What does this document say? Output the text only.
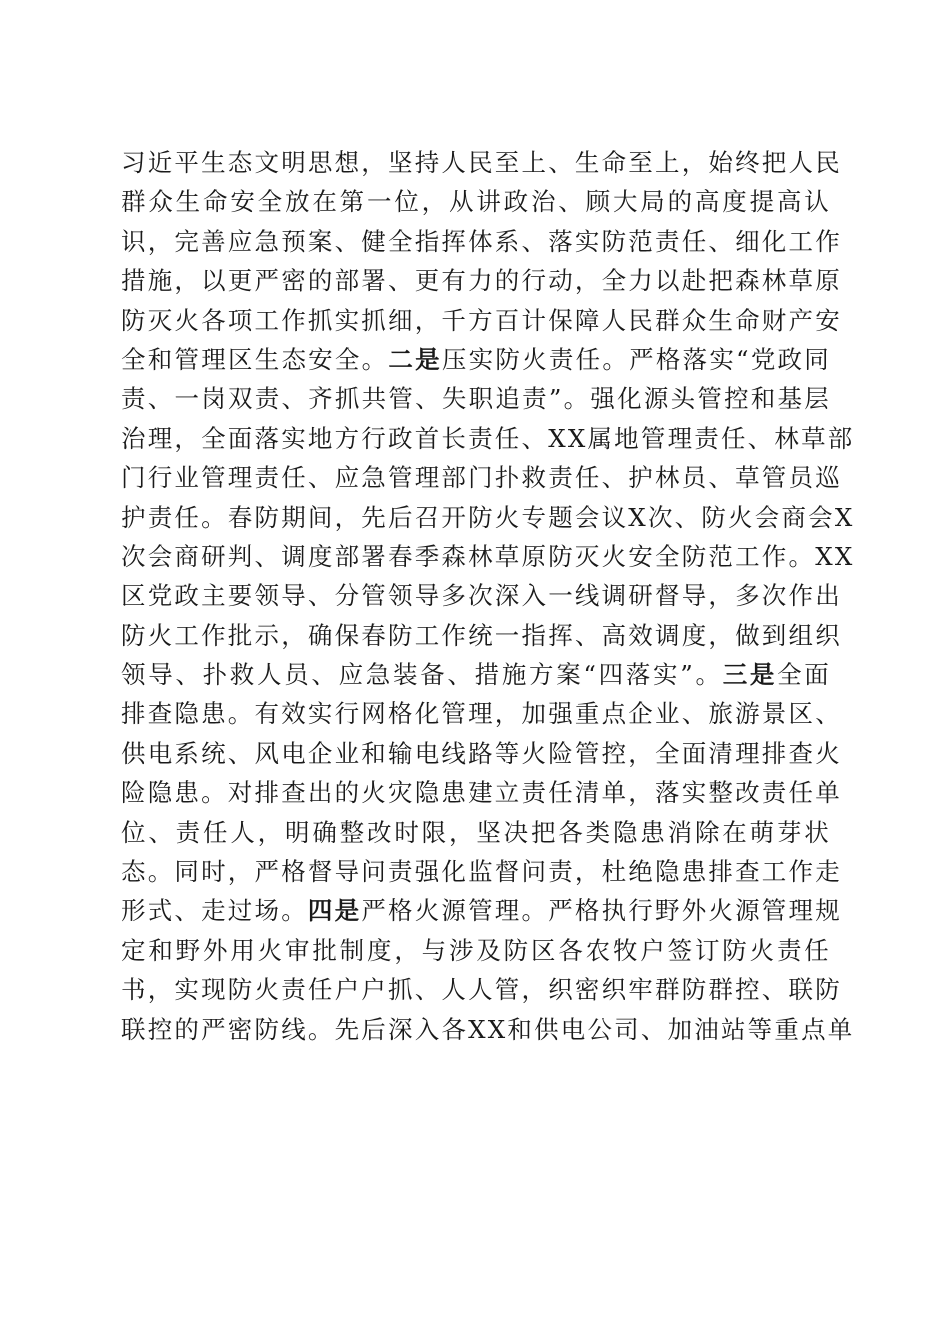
习近平生态文明思想，坚持人民至上、生命至上，始终把人民
群众生命安全放在第一位，从讲政治、顾大局的高度提高认
识，完善应急预案、健全指挥体系、落实防范责任、细化工作
措施，以更严密的部署、更有力的行动，全力以赴把森林草原
防灭火各项工作抓实抓细，千方百计保障人民群众生命财产安
全和管理区生态安全。二是压实防火责任。严格落实“党政同
责、一岗双责、齐抓共管、失职追责”。强化源头管控和基层
治理，全面落实地方行政首长责任、XX属地管理责任、林草部
门行业管理责任、应急管理部门扑救责任、护林员、草管员巡
护责任。春防期间，先后召开防火专题会议X次、防火会商会X
次会商研判、调度部署春季森林草原防灭火安全防范工作。XX
区党政主要领导、分管领导多次深入一线调研督导，多次作出
防火工作批示，确保春防工作统一指挥、高效调度，做到组织
领导、扑救人员、应急装备、措施方案“四落实”。三是全面
排查隐患。有效实行网格化管理，加强重点企业、旅游景区、
供电系统、风电企业和输电线路等火险管控，全面清理排查火
险隐患。对排查出的火灾隐患建立责任清单，落实整改责任单
位、责任人，明确整改时限，坚决把各类隐患消除在萌芽状
态。同时，严格督导问责强化监督问责，杜绝隐患排查工作走
形式、走过场。四是严格火源管理。严格执行野外火源管理规
定和野外用火审批制度，与涉及防区各农牧户签订防火责任
书，实现防火责任户户抓、人人管，织密织牢群防群控、联防
联控的严密防线。先后深入各XX和供电公司、加油站等重点单
